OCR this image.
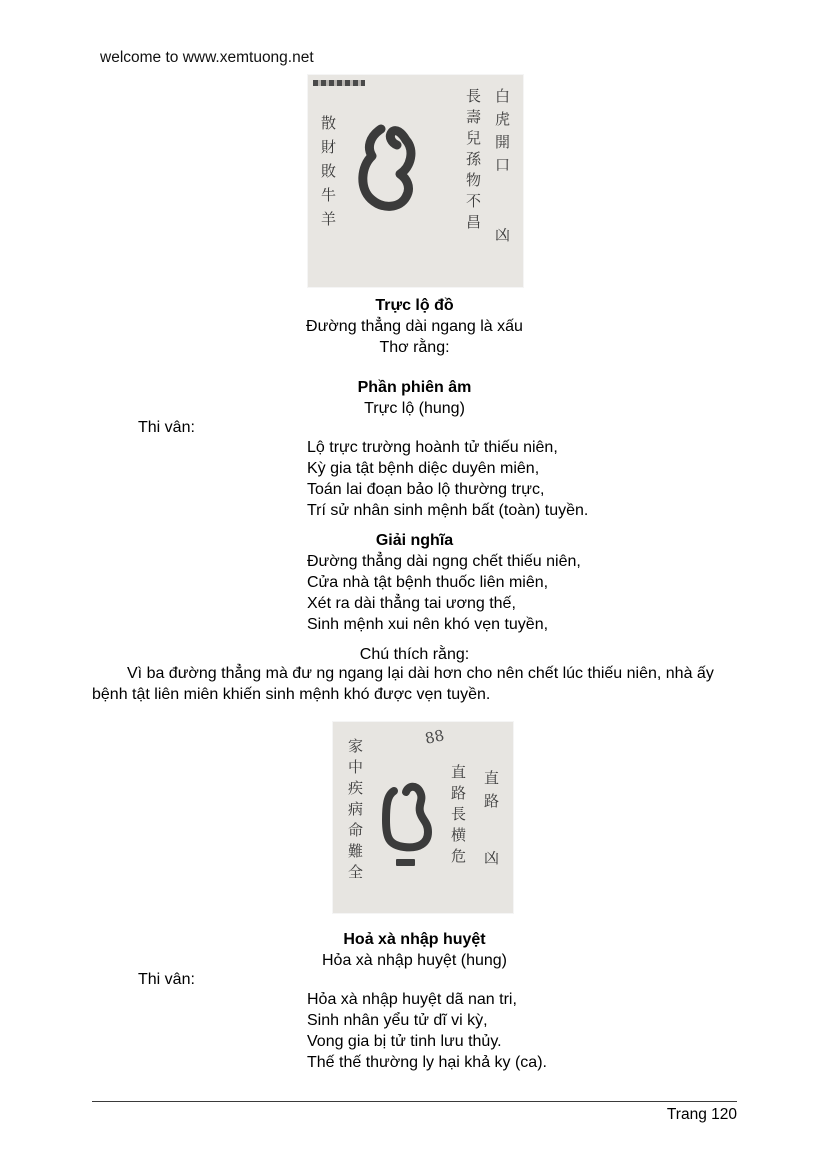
welcome to www.xemtuong.net
白虎開口
凶
長壽兒孫物不昌
散財敗牛羊
Trực lộ đồ
Đường thẳng dài ngang là xấu
Thơ rằng:
Phần phiên âm
Trực lộ (hung)
Thi vân:
Lộ trực trường hoành tử thiếu niên,
Kỳ gia tật bệnh diệc duyên miên,
Toán lai đoạn bảo lộ thường trực,
Trí sử nhân sinh mệnh bất (toàn) tuyền.
Giải nghĩa
Đường thẳng dài ngng chết thiếu niên,
Cửa nhà tật bệnh thuốc liên miên,
Xét ra dài thẳng tai ương thế,
Sinh mệnh xui nên khó vẹn tuyền,
Chú thích rằng:
Vì ba đường thẳng mà đư ng ngang lại dài hơn cho nên chết lúc thiếu niên, nhà ấy bệnh tật liên miên khiến sinh mệnh khó được vẹn tuyền.
88
直路
凶
直路長横危
家中疾病命難全
Hoả xà nhập huyệt
Hỏa xà nhập huyệt (hung)
Thi vân:
Hỏa xà nhập huyệt dã nan tri,
Sinh nhân yểu tử dĩ vi kỳ,
Vong gia bị tử tinh lưu thủy.
Thế thế thường ly hại khả ky (ca).
Trang 120
